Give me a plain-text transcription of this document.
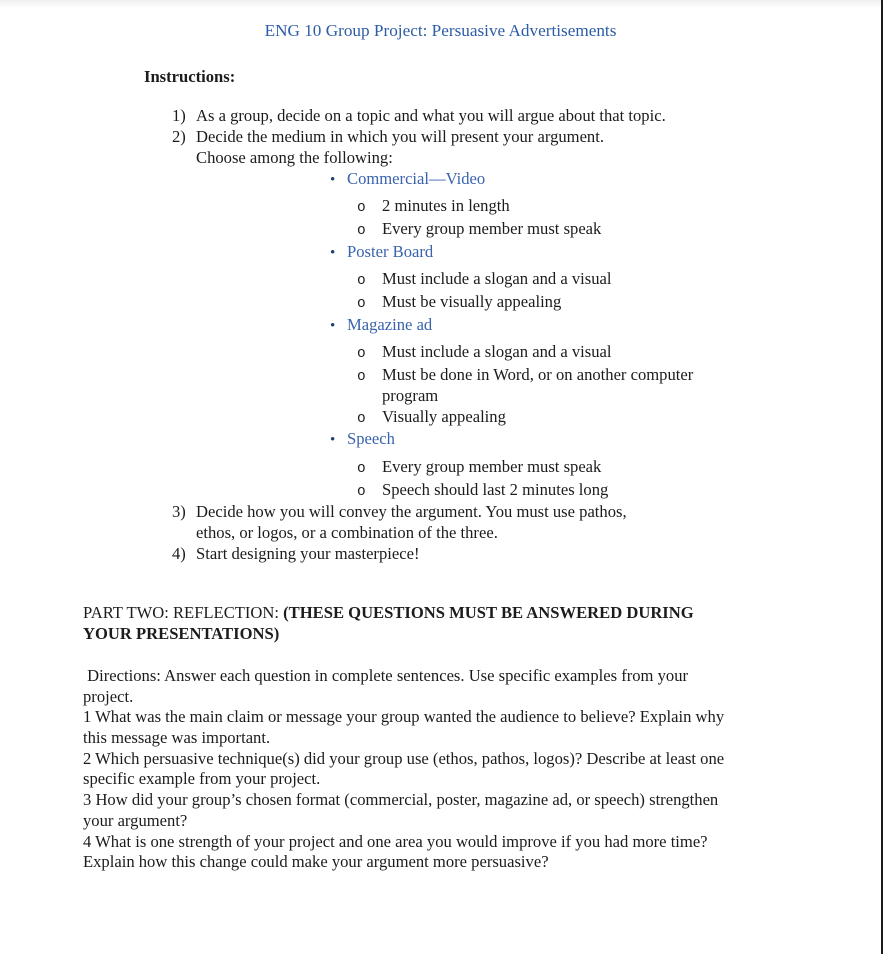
ENG 10 Group Project: Persuasive Advertisements
Instructions:
1) As a group, decide on a topic and what you will argue about that topic.
2) Decide the medium in which you will present your argument.
Choose among the following:
• Commercial—Video
o 2 minutes in length
o Every group member must speak
• Poster Board
o Must include a slogan and a visual
o Must be visually appealing
• Magazine ad
o Must include a slogan and a visual
o Must be done in Word, or on another computer
program
o Visually appealing
• Speech
o Every group member must speak
o Speech should last 2 minutes long
3) Decide how you will convey the argument. You must use pathos,
ethos, or logos, or a combination of the three.
4) Start designing your masterpiece!
PART TWO: REFLECTION: (THESE QUESTIONS MUST BE ANSWERED DURING
YOUR PRESENTATIONS)
Directions: Answer each question in complete sentences. Use specific examples from your
project.
1 What was the main claim or message your group wanted the audience to believe? Explain why
this message was important.
2 Which persuasive technique(s) did your group use (ethos, pathos, logos)? Describe at least one
specific example from your project.
3 How did your group’s chosen format (commercial, poster, magazine ad, or speech) strengthen
your argument?
4 What is one strength of your project and one area you would improve if you had more time?
Explain how this change could make your argument more persuasive?
